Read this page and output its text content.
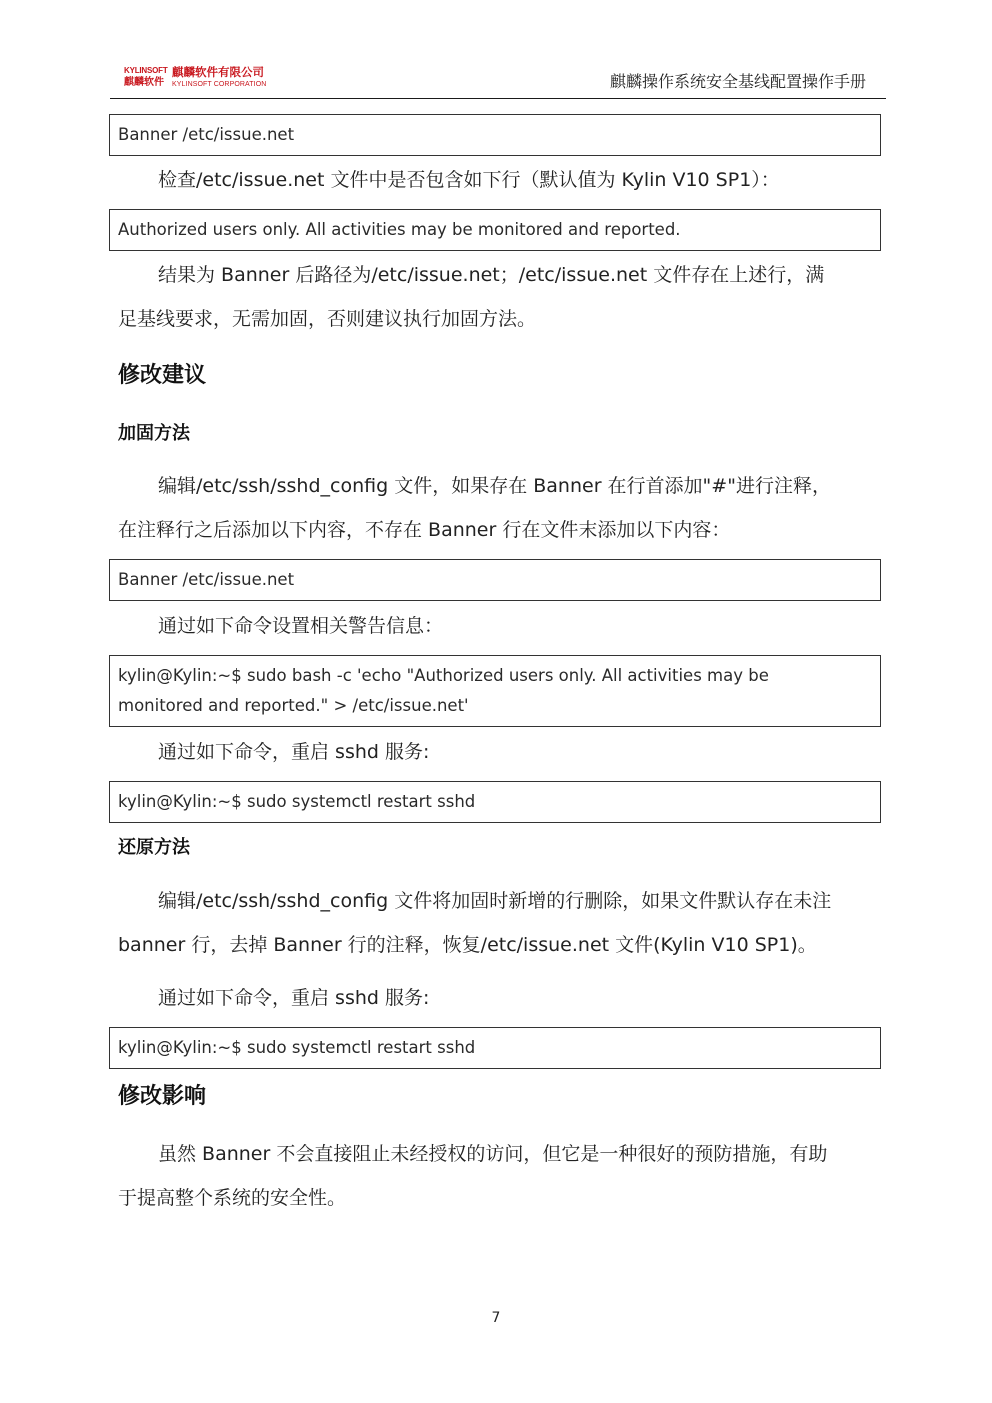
KYLINSOFT
麒麟软件
麒麟软件有限公司
KYLINSOFT CORPORATION	麒麟操作系统安全基线配置操作手册
Banner /etc/issue.net
检查/etc/issue.net 文件中是否包含如下行（默认值为 Kylin V10 SP1）：
Authorized users only. All activities may be monitored and reported.
结果为 Banner 后路径为/etc/issue.net；/etc/issue.net 文件存在上述行，满
足基线要求，无需加固，否则建议执行加固方法。
修改建议
加固方法
编辑/etc/ssh/sshd_config 文件，如果存在 Banner 在行首添加"#"进行注释，
在注释行之后添加以下内容，不存在 Banner 行在文件末添加以下内容：
Banner /etc/issue.net
通过如下命令设置相关警告信息：
kylin@Kylin:~$ sudo bash -c 'echo "Authorized users only. All activities may be
monitored and reported." > /etc/issue.net'
通过如下命令，重启 sshd 服务:
kylin@Kylin:~$ sudo systemctl restart sshd
还原方法
编辑/etc/ssh/sshd_config 文件将加固时新增的行删除，如果文件默认存在未注
banner 行，去掉 Banner 行的注释，恢复/etc/issue.net 文件(Kylin V10 SP1)。
通过如下命令，重启 sshd 服务:
kylin@Kylin:~$ sudo systemctl restart sshd
修改影响
虽然 Banner 不会直接阻止未经授权的访问，但它是一种很好的预防措施，有助
于提高整个系统的安全性。
7
